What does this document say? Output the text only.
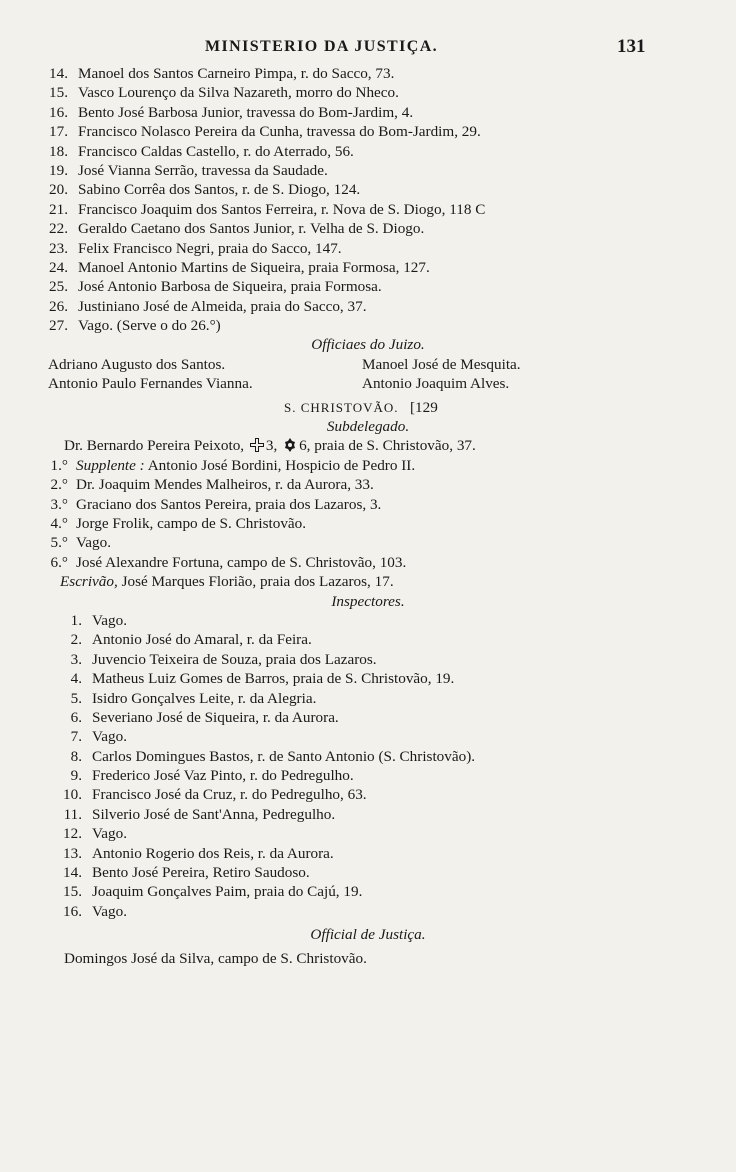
MINISTERIO DA JUSTIÇA.	131
14. Manoel dos Santos Carneiro Pimpa, r. do Sacco, 73.
15. Vasco Lourenço da Silva Nazareth, morro do Nheco.
16. Bento José Barbosa Junior, travessa do Bom-Jardim, 4.
17. Francisco Nolasco Pereira da Cunha, travessa do Bom-Jardim, 29.
18. Francisco Caldas Castello, r. do Aterrado, 56.
19. José Vianna Serrão, travessa da Saudade.
20. Sabino Corrêa dos Santos, r. de S. Diogo, 124.
21. Francisco Joaquim dos Santos Ferreira, r. Nova de S. Diogo, 118 C
22. Geraldo Caetano dos Santos Junior, r. Velha de S. Diogo.
23. Felix Francisco Negri, praia do Sacco, 147.
24. Manoel Antonio Martins de Siqueira, praia Formosa, 127.
25. José Antonio Barbosa de Siqueira, praia Formosa.
26. Justiniano José de Almeida, praia do Sacco, 37.
27. Vago. (Serve o do 26.°)
Officiaes do Juizo.
Adriano Augusto dos Santos.	Manoel José de Mesquita.
Antonio Paulo Fernandes Vianna.	Antonio Joaquim Alves.
S. CHRISTOVÃO. [129
Subdelegado.
Dr. Bernardo Pereira Peixoto, 3, 6, praia de S. Christovão, 37.
1.° Supplente : Antonio José Bordini, Hospicio de Pedro II.
2.° Dr. Joaquim Mendes Malheiros, r. da Aurora, 33.
3.° Graciano dos Santos Pereira, praia dos Lazaros, 3.
4.° Jorge Frolik, campo de S. Christovão.
5.° Vago.
6.° José Alexandre Fortuna, campo de S. Christovão, 103.
Escrivão, José Marques Florião, praia dos Lazaros, 17.
Inspectores.
1. Vago.
2. Antonio José do Amaral, r. da Feira.
3. Juvencio Teixeira de Souza, praia dos Lazaros.
4. Matheus Luiz Gomes de Barros, praia de S. Christovão, 19.
5. Isidro Gonçalves Leite, r. da Alegria.
6. Severiano José de Siqueira, r. da Aurora.
7. Vago.
8. Carlos Domingues Bastos, r. de Santo Antonio (S. Christovão).
9. Frederico José Vaz Pinto, r. do Pedregulho.
10. Francisco José da Cruz, r. do Pedregulho, 63.
11. Silverio José de Sant'Anna, Pedregulho.
12. Vago.
13. Antonio Rogerio dos Reis, r. da Aurora.
14. Bento José Pereira, Retiro Saudoso.
15. Joaquim Gonçalves Paim, praia do Cajú, 19.
16. Vago.
Official de Justiça.
Domingos José da Silva, campo de S. Christovão.
